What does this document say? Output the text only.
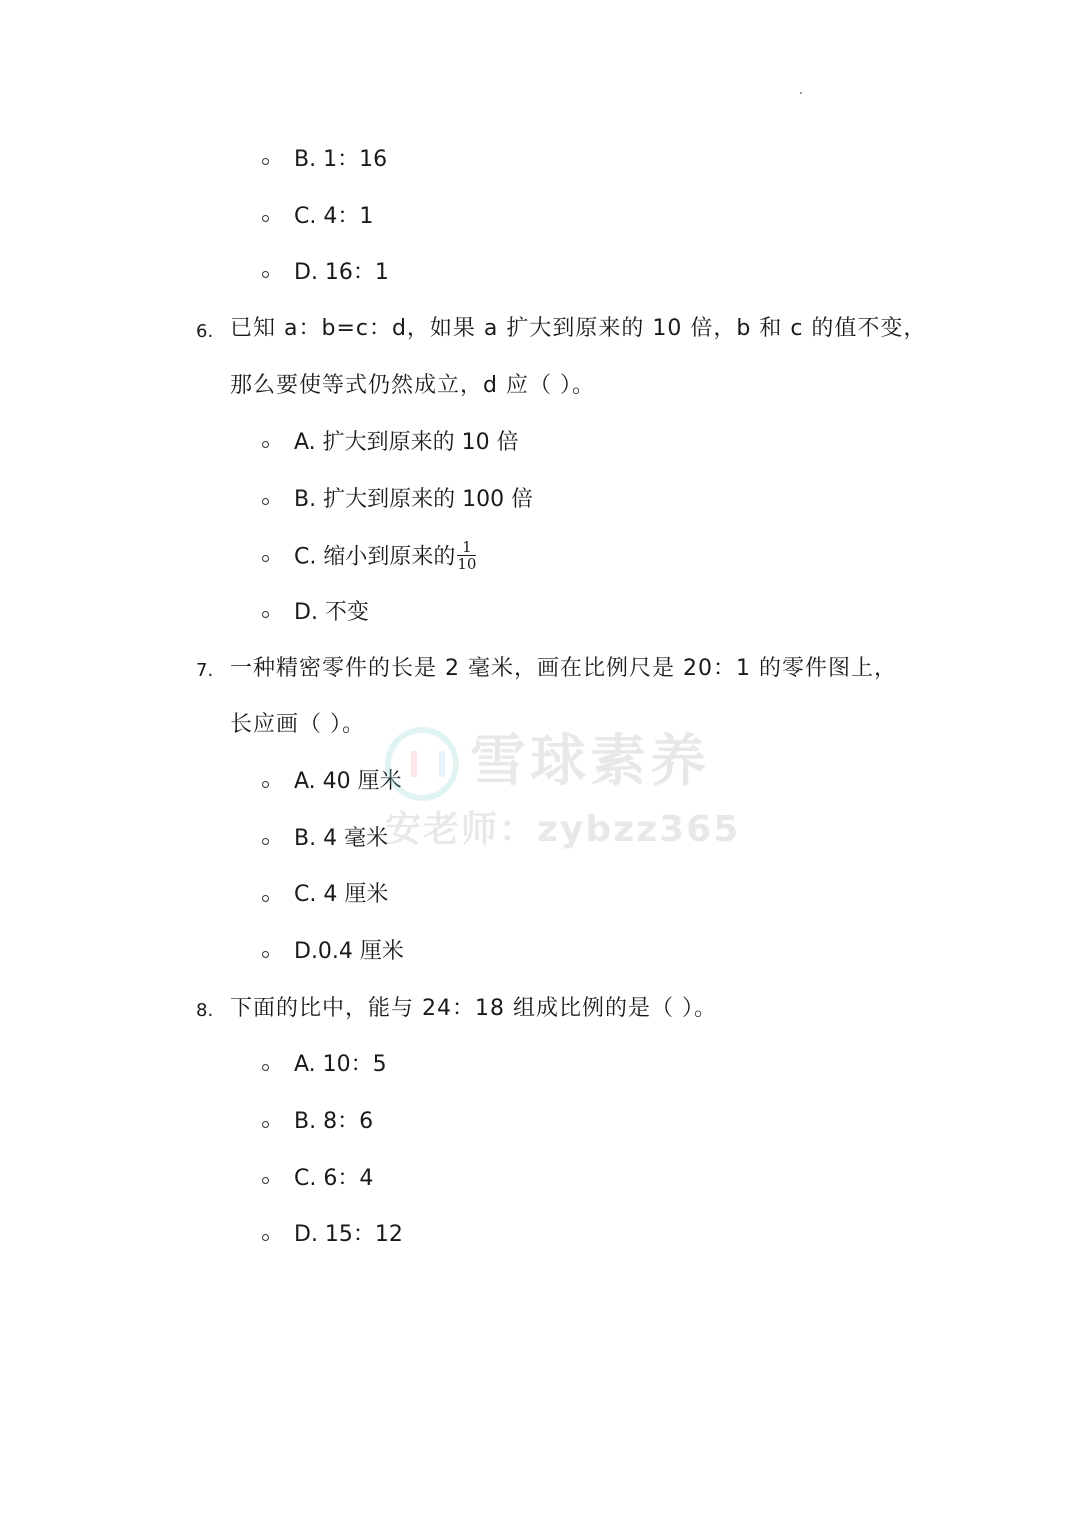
B. 1：16
C. 4：1
D. 16：1
6. 已知 a：b=c：d，如果 a 扩大到原来的 10 倍，b 和 c 的值不变，
那么要使等式仍然成立，d 应（ ）。
A. 扩大到原来的 10 倍
B. 扩大到原来的 100 倍
C. 缩小到原来的 $\frac{1}{10}$
D. 不变
7. 一种精密零件的长是 2 毫米，画在比例尺是 20：1 的零件图上，
长应画（ ）。
A. 40 厘米
B. 4 毫米
C. 4 厘米
D.0.4 厘米
8. 下面的比中，能与 24：18 组成比例的是（ ）。
A. 10：5
B. 8：6
C. 6：4
D. 15：12
雪球素养
安老师：zybzz365
